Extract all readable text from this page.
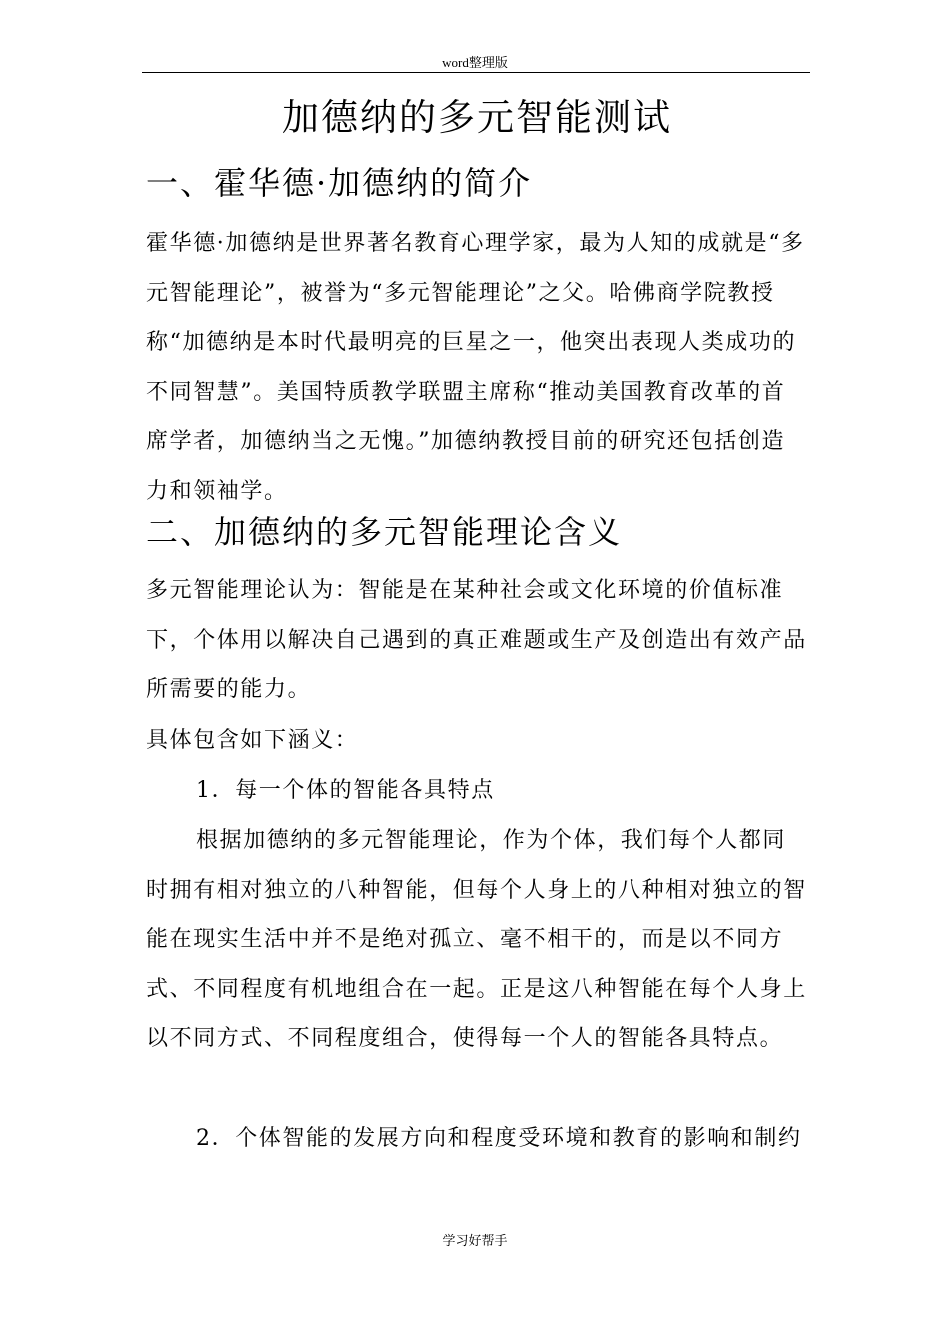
word整理版
加德纳的多元智能测试
一、霍华德·加德纳的简介
霍华德·加德纳是世界著名教育心理学家，最为人知的成就是“多元智能理论”，被誉为“多元智能理论”之父。哈佛商学院教授称“加德纳是本时代最明亮的巨星之一，他突出表现人类成功的不同智慧”。美国特质教学联盟主席称“推动美国教育改革的首席学者，加德纳当之无愧。”加德纳教授目前的研究还包括创造力和领袖学。
二、加德纳的多元智能理论含义
多元智能理论认为：智能是在某种社会或文化环境的价值标准下，个体用以解决自己遇到的真正难题或生产及创造出有效产品所需要的能力。
具体包含如下涵义：
1．每一个体的智能各具特点
根据加德纳的多元智能理论，作为个体，我们每个人都同时拥有相对独立的八种智能，但每个人身上的八种相对独立的智能在现实生活中并不是绝对孤立、毫不相干的，而是以不同方式、不同程度有机地组合在一起。正是这八种智能在每个人身上以不同方式、不同程度组合，使得每一个人的智能各具特点。
2．个体智能的发展方向和程度受环境和教育的影响和制约
学习好帮手
